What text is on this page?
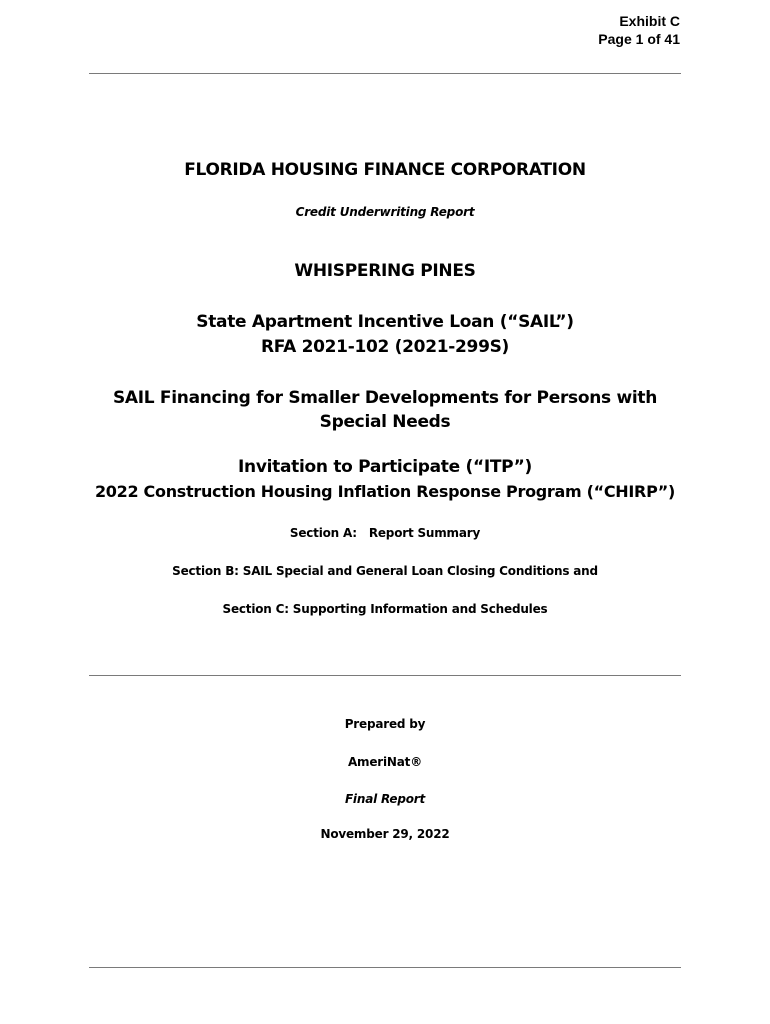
Exhibit C
Page 1 of 41
FLORIDA HOUSING FINANCE CORPORATION
Credit Underwriting Report
WHISPERING PINES
State Apartment Incentive Loan (“SAIL”)
RFA 2021-102 (2021-299S)
SAIL Financing for Smaller Developments for Persons with
Special Needs
Invitation to Participate (“ITP”)
2022 Construction Housing Inflation Response Program (“CHIRP”)
Section A:   Report Summary
Section B: SAIL Special and General Loan Closing Conditions and
Section C: Supporting Information and Schedules
Prepared by
AmeriNat®
Final Report
November 29, 2022
